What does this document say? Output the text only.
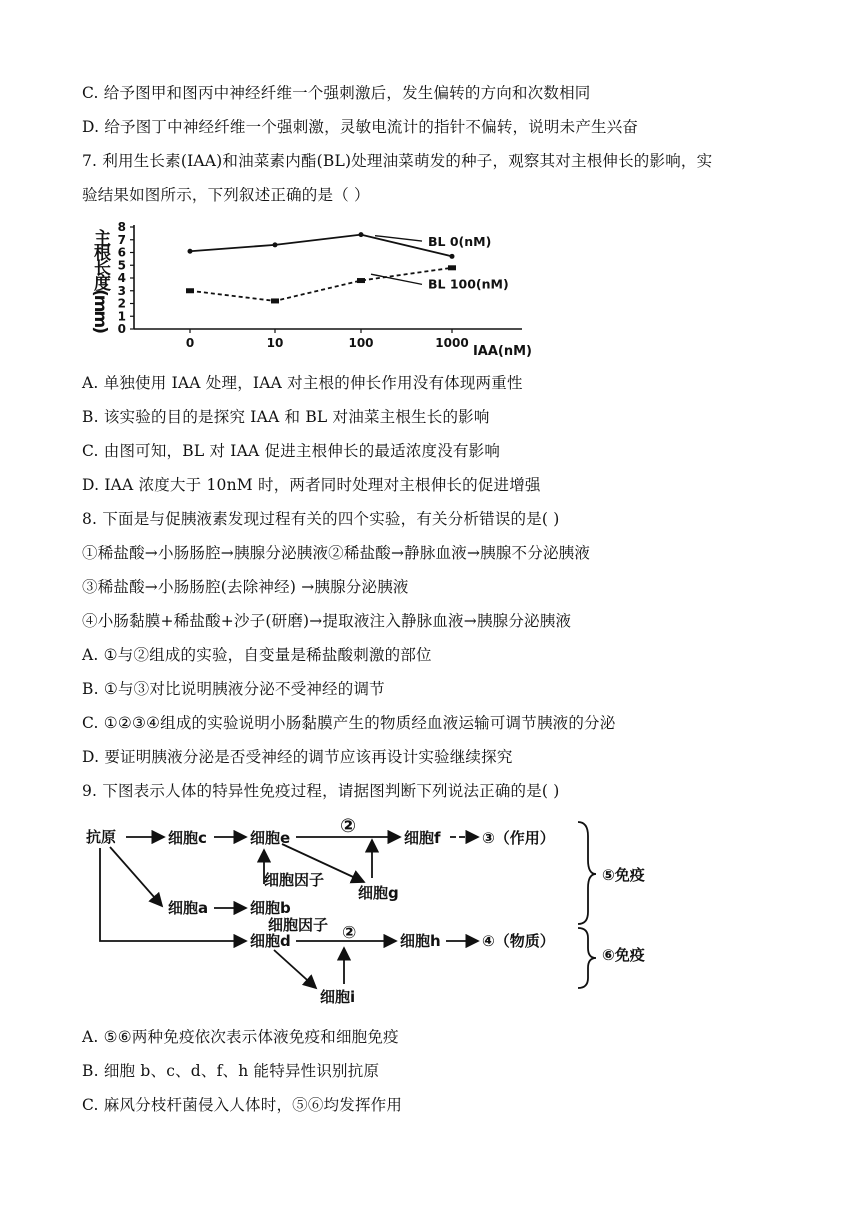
C. 给予图甲和图丙中神经纤维一个强刺激后，发生偏转的方向和次数相同
D. 给予图丁中神经纤维一个强刺激，灵敏电流计的指针不偏转，说明未产生兴奋
7. 利用生长素(IAA)和油菜素内酯(BL)处理油菜萌发的种子，观察其对主根伸长的影响，实
验结果如图所示，下列叙述正确的是（ ）
0
1
2
3
4
5
6
7
8
0	10	100	1000
主根长度(mm)
IAA(nM)
BL 0(nM)
BL 100(nM)
A. 单独使用 IAA 处理，IAA 对主根的伸长作用没有体现两重性
B. 该实验的目的是探究 IAA 和 BL 对油菜主根生长的影响
C. 由图可知，BL 对 IAA 促进主根伸长的最适浓度没有影响
D. IAA 浓度大于 10nM 时，两者同时处理对主根伸长的促进增强
8. 下面是与促胰液素发现过程有关的四个实验，有关分析错误的是( )
①稀盐酸→小肠肠腔→胰腺分泌胰液②稀盐酸→静脉血液→胰腺不分泌胰液
③稀盐酸→小肠肠腔(去除神经) →胰腺分泌胰液
④小肠黏膜+稀盐酸+沙子(研磨)→提取液注入静脉血液→胰腺分泌胰液
A. ①与②组成的实验，自变量是稀盐酸刺激的部位
B. ①与③对比说明胰液分泌不受神经的调节
C. ①②③④组成的实验说明小肠黏膜产生的物质经血液运输可调节胰液的分泌
D. 要证明胰液分泌是否受神经的调节应该再设计实验继续探究
9. 下图表示人体的特异性免疫过程，请据图判断下列说法正确的是( )
抗原	细胞c	细胞e	细胞f	③（作用）
细胞因子
细胞g
细胞a	细胞b
细胞因子
细胞d	细胞h	④（物质）
细胞i
②
②
⑤免疫
⑥免疫
A. ⑤⑥两种免疫依次表示体液免疫和细胞免疫
B. 细胞 b、c、d、f、h 能特异性识别抗原
C. 麻风分枝杆菌侵入人体时，⑤⑥均发挥作用
